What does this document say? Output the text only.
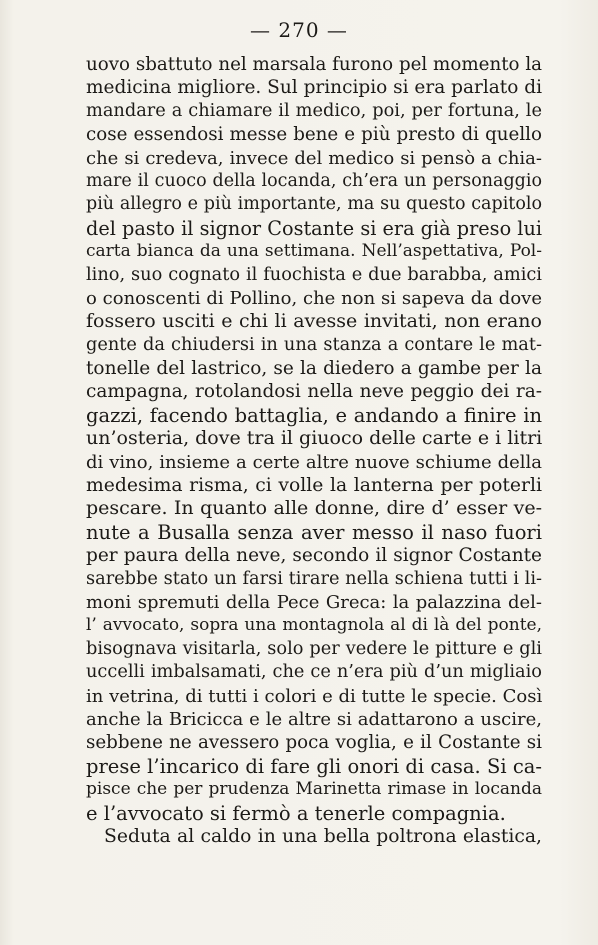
— 270 —
uovo sbattuto nel marsala furono pel momento la
medicina migliore. Sul principio si era parlato di
mandare a chiamare il medico, poi, per fortuna, le
cose essendosi messe bene e più presto di quello
che si credeva, invece del medico si pensò a chia-
mare il cuoco della locanda, ch’era un personaggio
più allegro e più importante, ma su questo capitolo
del pasto il signor Costante si era già preso lui
carta bianca da una settimana. Nell’aspettativa, Pol-
lino, suo cognato il fuochista e due barabba, amici
o conoscenti di Pollino, che non si sapeva da dove
fossero usciti e chi li avesse invitati, non erano
gente da chiudersi in una stanza a contare le mat-
tonelle del lastrico, se la diedero a gambe per la
campagna, rotolandosi nella neve peggio dei ra-
gazzi, facendo battaglia, e andando a finire in
un’osteria, dove tra il giuoco delle carte e i litri
di vino, insieme a certe altre nuove schiume della
medesima risma, ci volle la lanterna per poterli
pescare. In quanto alle donne, dire d’ esser ve-
nute a Busalla senza aver messo il naso fuori
per paura della neve, secondo il signor Costante
sarebbe stato un farsi tirare nella schiena tutti i li-
moni spremuti della Pece Greca: la palazzina del-
l’ avvocato, sopra una montagnola al di là del ponte,
bisognava visitarla, solo per vedere le pitture e gli
uccelli imbalsamati, che ce n’era più d’un migliaio
in vetrina, di tutti i colori e di tutte le specie. Così
anche la Bricicca e le altre si adattarono a uscire,
sebbene ne avessero poca voglia, e il Costante si
prese l’incarico di fare gli onori di casa. Si ca-
pisce che per prudenza Marinetta rimase in locanda
e l’avvocato si fermò a tenerle compagnia.
Seduta al caldo in una bella poltrona elastica,
